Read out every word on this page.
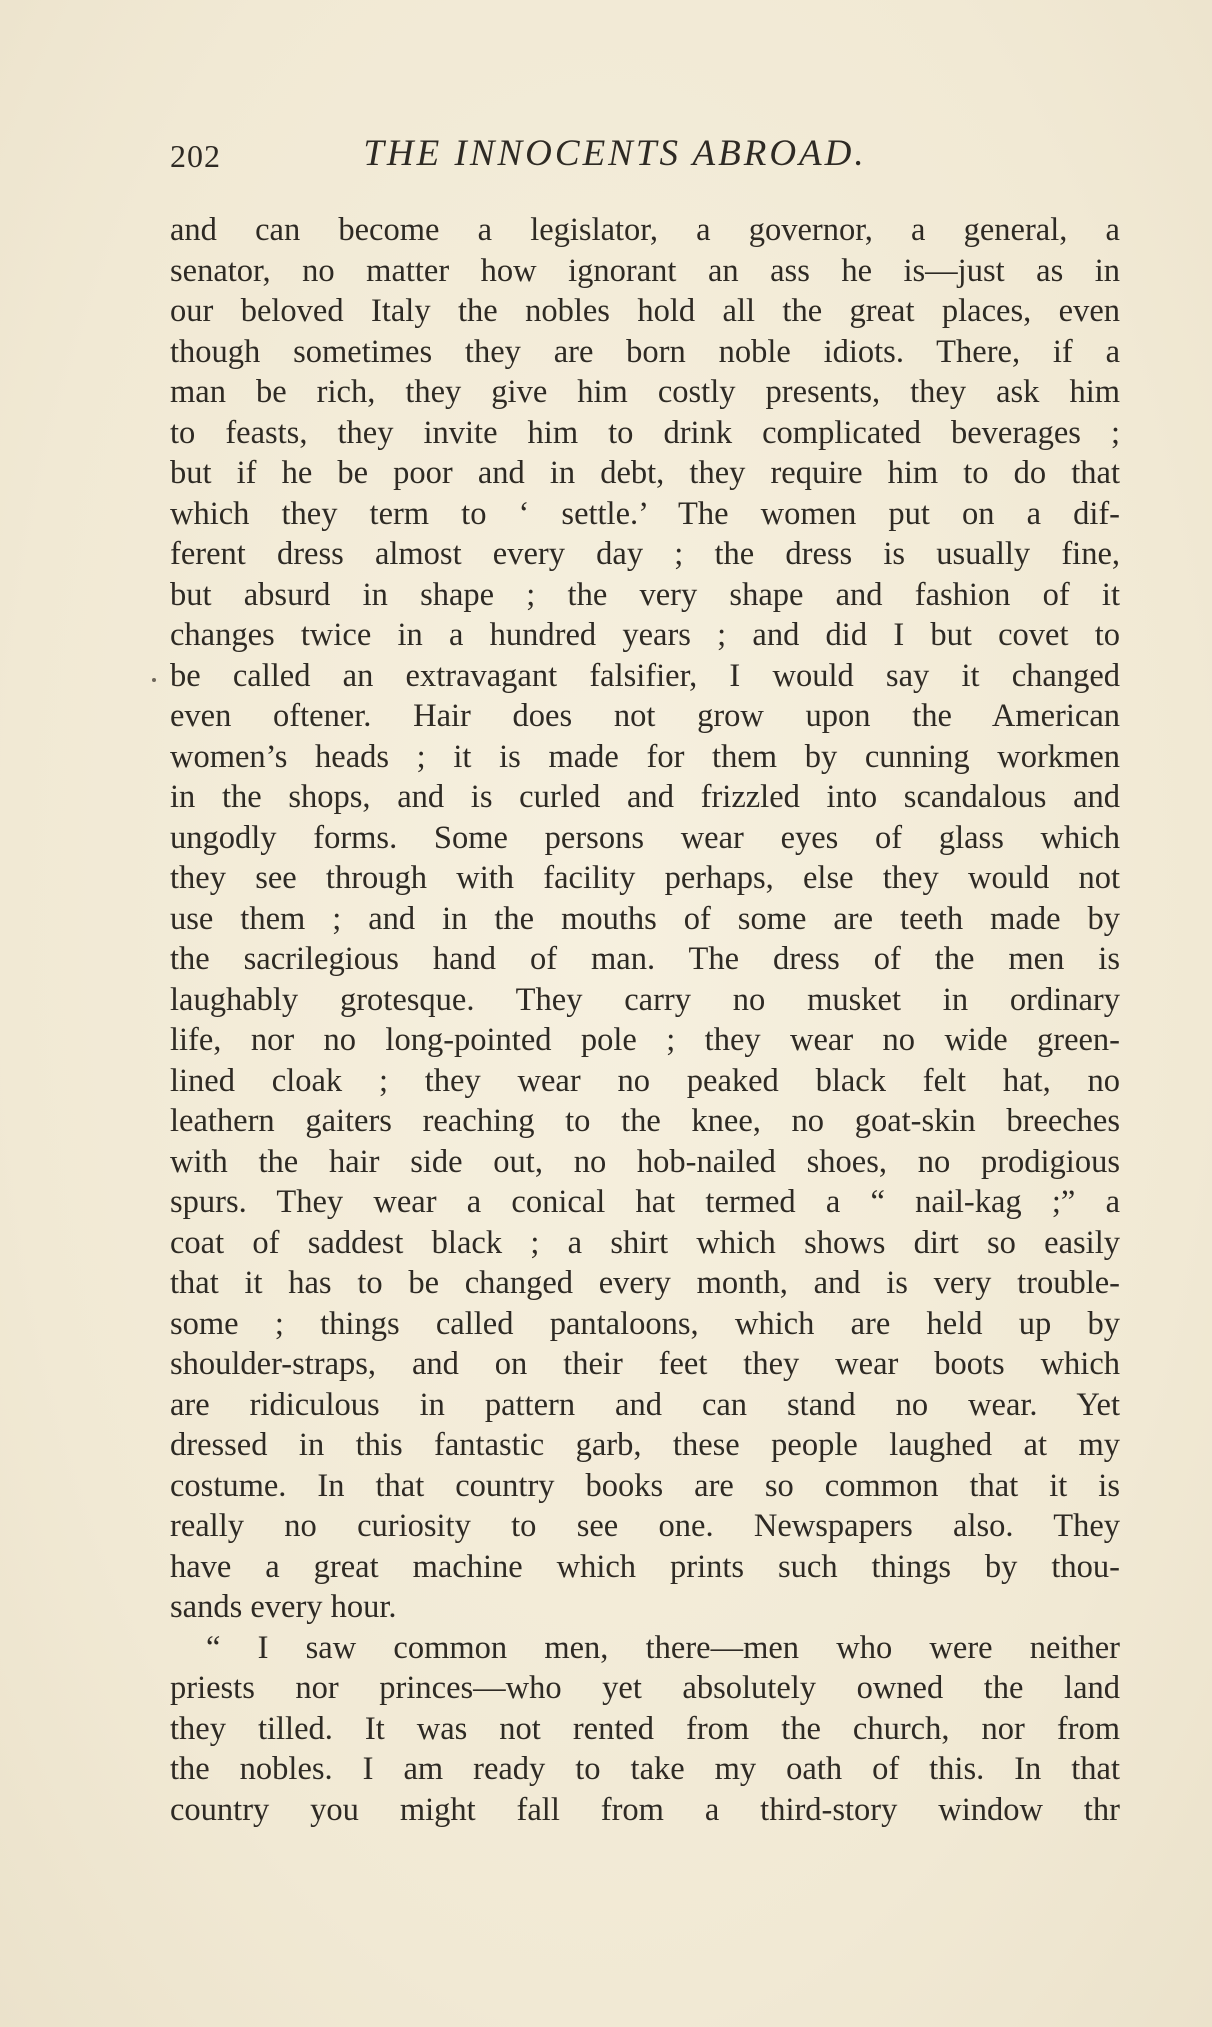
202	THE INNOCENTS ABROAD.
and can become a legislator, a governor, a general, a
senator, no matter how ignorant an ass he is—just as in
our beloved Italy the nobles hold all the great places, even
though sometimes they are born noble idiots. There, if a
man be rich, they give him costly presents, they ask him
to feasts, they invite him to drink complicated beverages ;
but if he be poor and in debt, they require him to do that
which they term to ‘ settle.’ The women put on a dif-
ferent dress almost every day ; the dress is usually fine,
but absurd in shape ; the very shape and fashion of it
changes twice in a hundred years ; and did I but covet to
be called an extravagant falsifier, I would say it changed
even oftener. Hair does not grow upon the American
women’s heads ; it is made for them by cunning workmen
in the shops, and is curled and frizzled into scandalous and
ungodly forms. Some persons wear eyes of glass which
they see through with facility perhaps, else they would not
use them ; and in the mouths of some are teeth made by
the sacrilegious hand of man. The dress of the men is
laughably grotesque. They carry no musket in ordinary
life, nor no long-pointed pole ; they wear no wide green-
lined cloak ; they wear no peaked black felt hat, no
leathern gaiters reaching to the knee, no goat-skin breeches
with the hair side out, no hob-nailed shoes, no prodigious
spurs. They wear a conical hat termed a “ nail-kag ;” a
coat of saddest black ; a shirt which shows dirt so easily
that it has to be changed every month, and is very trouble-
some ; things called pantaloons, which are held up by
shoulder-straps, and on their feet they wear boots which
are ridiculous in pattern and can stand no wear. Yet
dressed in this fantastic garb, these people laughed at my
costume. In that country books are so common that it is
really no curiosity to see one. Newspapers also. They
have a great machine which prints such things by thou-
sands every hour.
“ I saw common men, there—men who were neither
priests nor princes—who yet absolutely owned the land
they tilled. It was not rented from the church, nor from
the nobles. I am ready to take my oath of this. In that
country you might fall from a third-story window thr
